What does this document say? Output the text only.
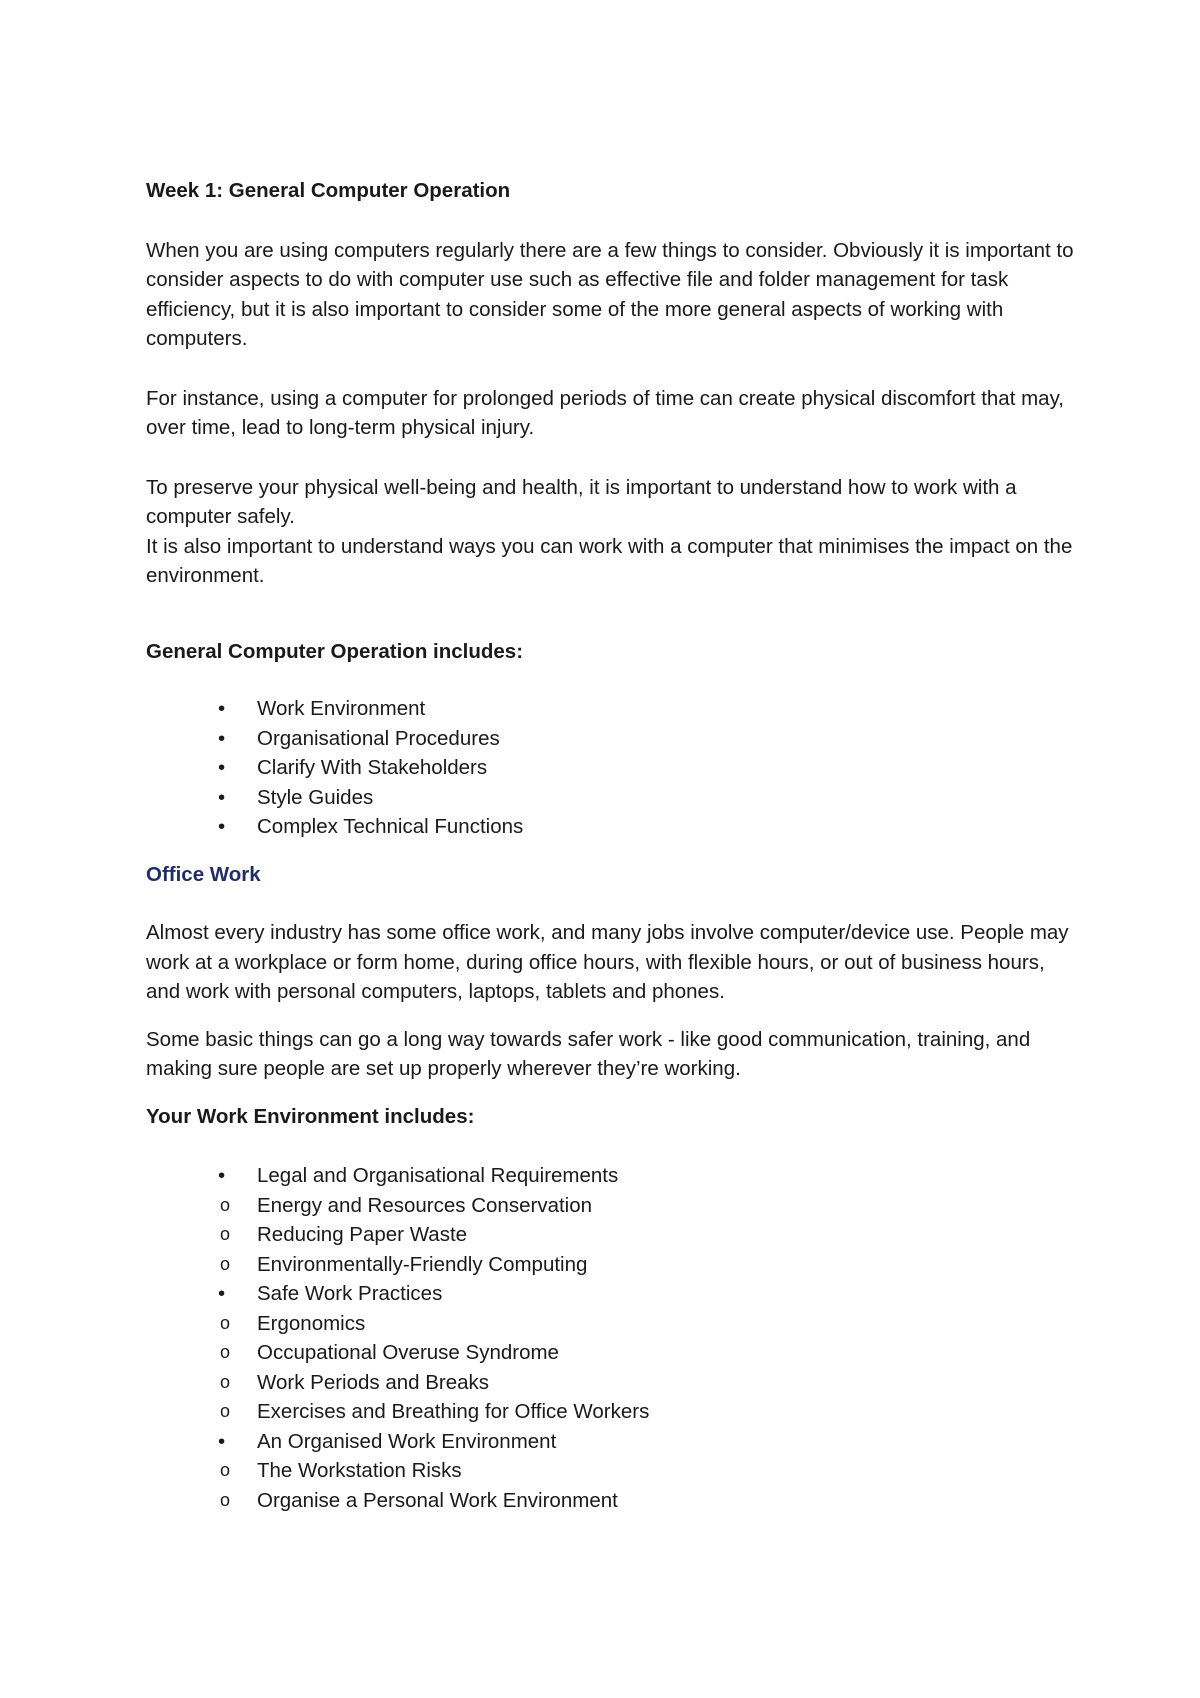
Week 1: General Computer Operation

When you are using computers regularly there are a few things to consider. Obviously it is important to consider aspects to do with computer use such as effective file and folder management for task efficiency, but it is also important to consider some of the more general aspects of working with computers.

For instance, using a computer for prolonged periods of time can create physical discomfort that may, over time, lead to long-term physical injury.

To preserve your physical well-being and health, it is important to understand how to work with a computer safely.

It is also important to understand ways you can work with a computer that minimises the impact on the environment.

General Computer Operation includes:

•	Work Environment
•	Organisational Procedures
•	Clarify With Stakeholders
•	Style Guides
•	Complex Technical Functions

Office Work

Almost every industry has some office work, and many jobs involve computer/device use. People may work at a workplace or form home, during office hours, with flexible hours, or out of business hours, and work with personal computers, laptops, tablets and phones.

Some basic things can go a long way towards safer work - like good communication, training, and making sure people are set up properly wherever they’re working.

Your Work Environment includes:

•	Legal and Organisational Requirements
o Energy and Resources Conservation
o Reducing Paper Waste
o Environmentally-Friendly Computing
•	Safe Work Practices
o Ergonomics
o Occupational Overuse Syndrome
o Work Periods and Breaks
o Exercises and Breathing for Office Workers
•	An Organised Work Environment
o The Workstation Risks
o Organise a Personal Work Environment
